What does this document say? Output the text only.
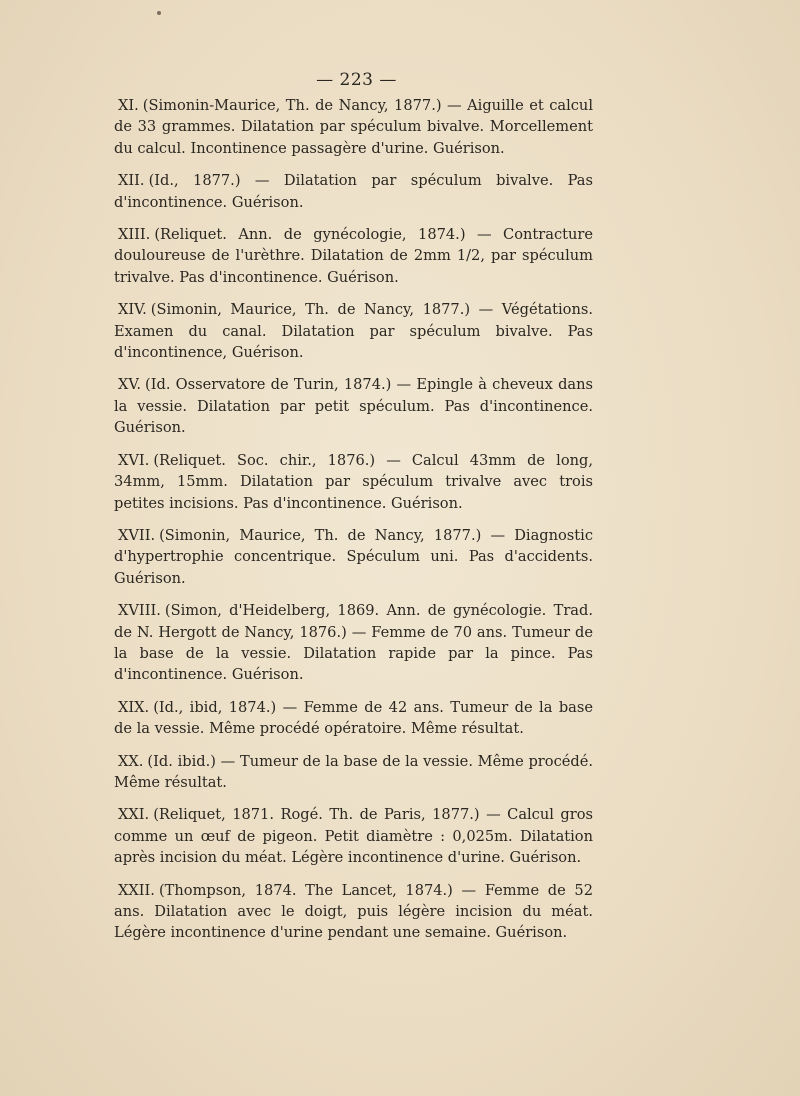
— 223 —

XI. (Simonin-Maurice, Th. de Nancy, 1877.) — Aiguille et calcul de 33 grammes. Dilatation par spéculum bivalve. Morcellement du calcul. Incontinence passagère d'urine. Guérison.

XII. (Id., 1877.) — Dilatation par spéculum bivalve. Pas d'incontinence. Guérison.

XIII. (Reliquet. Ann. de gynécologie, 1874.) — Contracture douloureuse de l'urèthre. Dilatation de 2mm 1/2, par spéculum trivalve. Pas d'incontinence. Guérison.

XIV. (Simonin, Maurice, Th. de Nancy, 1877.) — Végétations. Examen du canal. Dilatation par spéculum bivalve. Pas d'incontinence, Guérison.

XV. (Id. Osservatore de Turin, 1874.) — Epingle à cheveux dans la vessie. Dilatation par petit spéculum. Pas d'incontinence. Guérison.

XVI. (Reliquet. Soc. chir., 1876.) — Calcul 43mm de long, 34mm, 15mm. Dilatation par spéculum trivalve avec trois petites incisions. Pas d'incontinence. Guérison.

XVII. (Simonin, Maurice, Th. de Nancy, 1877.) — Diagnostic d'hypertrophie concentrique. Spéculum uni. Pas d'accidents. Guérison.

XVIII. (Simon, d'Heidelberg, 1869. Ann. de gynécologie. Trad. de N. Hergott de Nancy, 1876.) — Femme de 70 ans. Tumeur de la base de la vessie. Dilatation rapide par la pince. Pas d'incontinence. Guérison.

XIX. (Id., ibid, 1874.) — Femme de 42 ans. Tumeur de la base de la vessie. Même procédé opératoire. Même résultat.

XX. (Id. ibid.) — Tumeur de la base de la vessie. Même procédé. Même résultat.

XXI. (Reliquet, 1871. Rogé. Th. de Paris, 1877.) — Calcul gros comme un œuf de pigeon. Petit diamètre : 0,025m. Dilatation après incision du méat. Légère incontinence d'urine. Guérison.

XXII. (Thompson, 1874. The Lancet, 1874.) — Femme de 52 ans. Dilatation avec le doigt, puis légère incision du méat. Légère incontinence d'urine pendant une semaine. Guérison.
